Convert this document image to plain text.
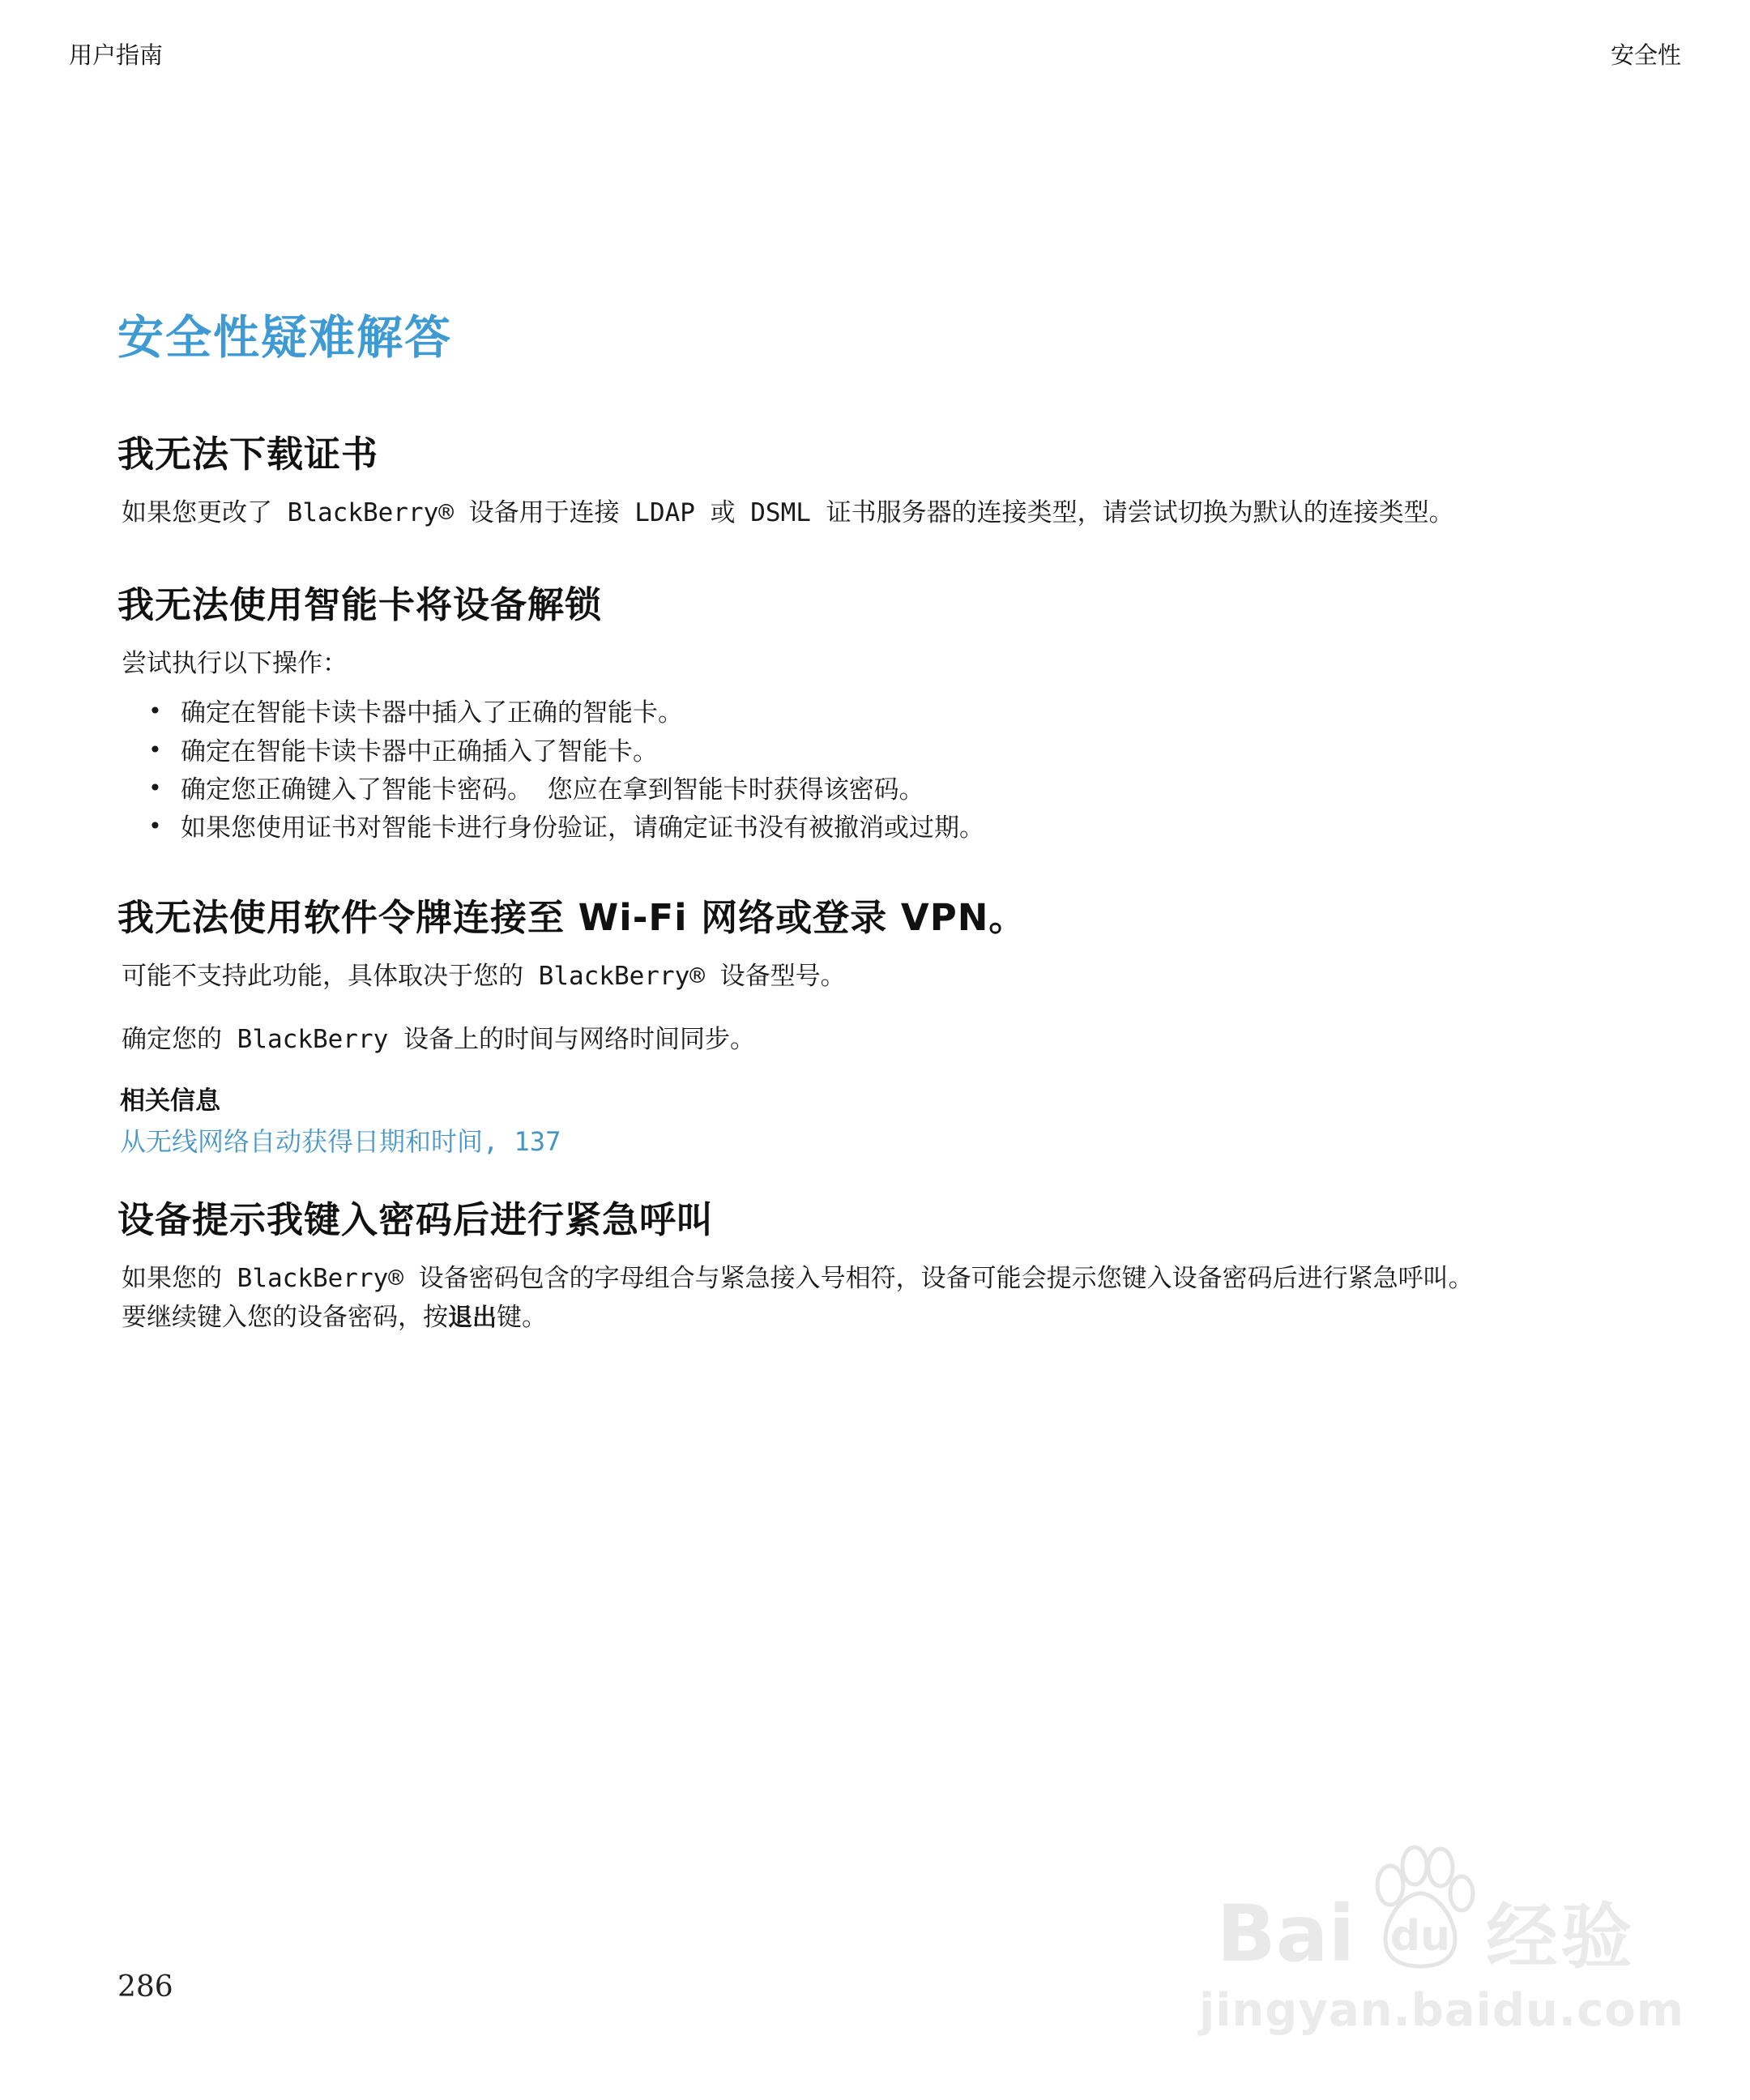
用户指南	安全性
安全性疑难解答
我无法下载证书

如果您更改了 BlackBerry® 设备用于连接 LDAP 或 DSML 证书服务器的连接类型，请尝试切换为默认的连接类型。

我无法使用智能卡将设备解锁

尝试执行以下操作：

• 确定在智能卡读卡器中插入了正确的智能卡。
• 确定在智能卡读卡器中正确插入了智能卡。
• 确定您正确键入了智能卡密码。 您应在拿到智能卡时获得该密码。
• 如果您使用证书对智能卡进行身份验证，请确定证书没有被撤消或过期。
我无法使用软件令牌连接至 Wi-Fi 网络或登录 VPN。

可能不支持此功能，具体取决于您的 BlackBerry® 设备型号。

确定您的 BlackBerry 设备上的时间与网络时间同步。

相关信息
从无线网络自动获得日期和时间, 137
设备提示我键入密码后进行紧急呼叫

如果您的 BlackBerry® 设备密码包含的字母组合与紧急接入号相符，设备可能会提示您键入设备密码后进行紧急呼叫。

要继续键入您的设备密码，按退出键。

286
Bai du 经验
jingyan.baidu.com
